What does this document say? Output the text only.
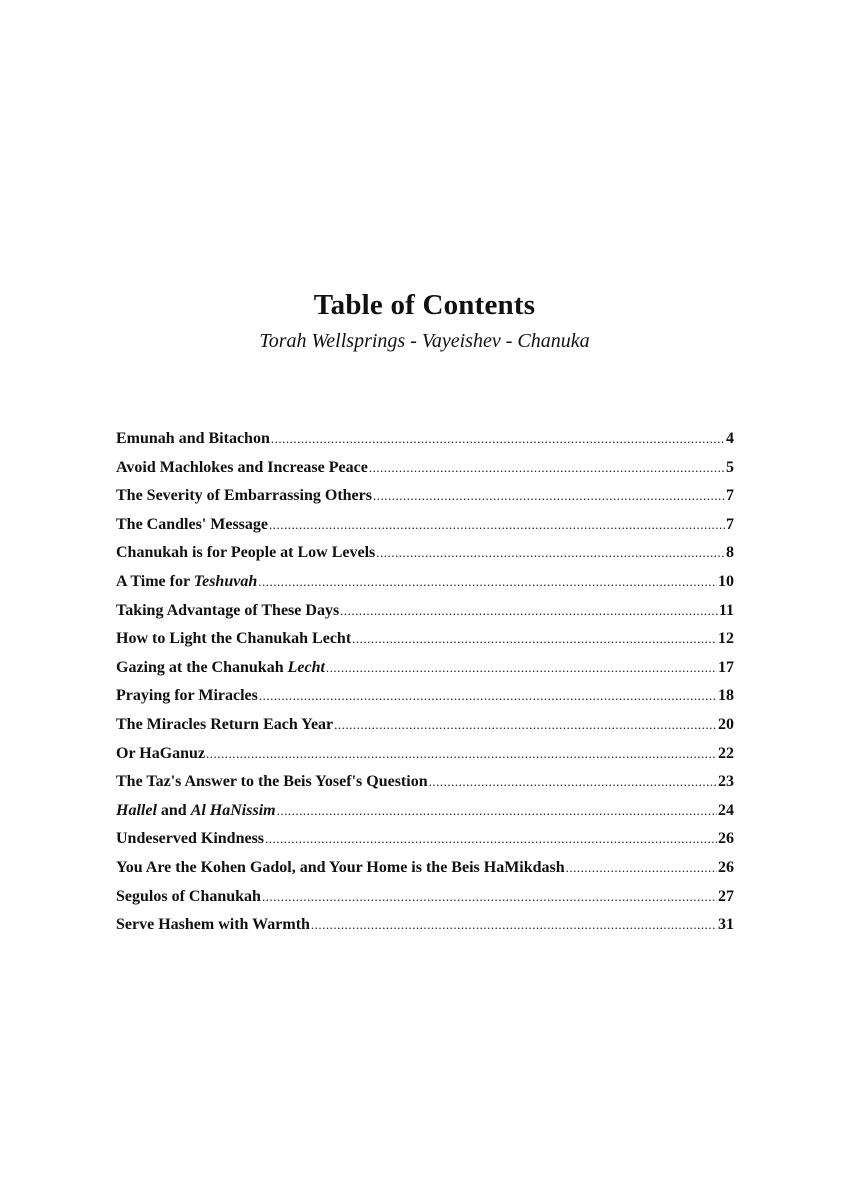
Table of Contents
Torah Wellsprings - Vayeishev - Chanuka
Emunah and Bitachon .....	4
Avoid Machlokes and Increase Peace .....	5
The Severity of Embarrassing Others .....	7
The Candles' Message .....	7
Chanukah is for People at Low Levels .....	8
A Time for Teshuvah .....	10
Taking Advantage of These Days .....	11
How to Light the Chanukah Lecht .....	12
Gazing at the Chanukah Lecht .....	17
Praying for Miracles .....	18
The Miracles Return Each Year .....	20
Or HaGanuz .....	22
The Taz's Answer to the Beis Yosef's Question .....	23
Hallel and Al HaNissim .....	24
Undeserved Kindness .....	26
You Are the Kohen Gadol, and Your Home is the Beis HaMikdash .....	26
Segulos of Chanukah .....	27
Serve Hashem with Warmth .....	31
